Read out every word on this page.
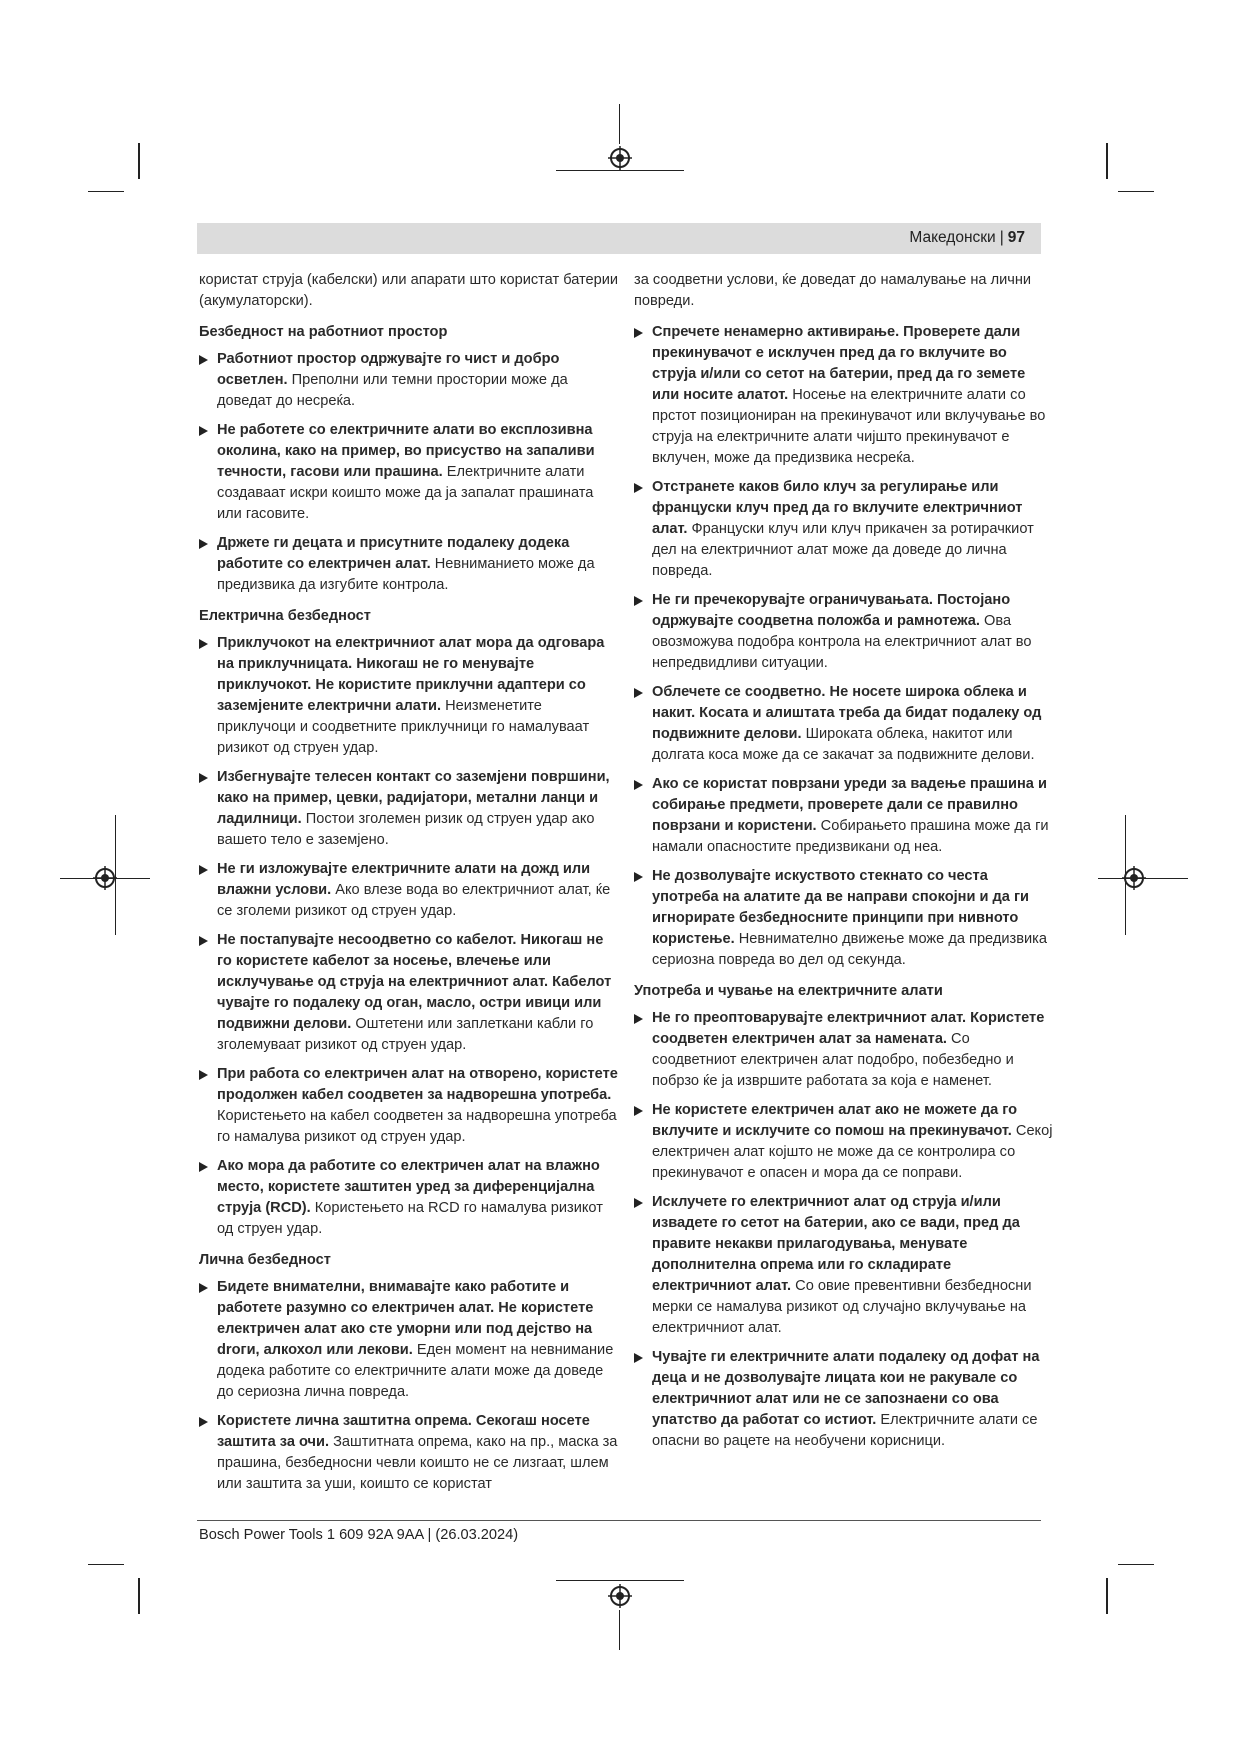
Македонски | 97
користат струја (кабелски) или апарати што користат батерии (акумулаторски).
Безбедност на работниот простор
Работниот простор одржувајте го чист и добро осветлен. Преполни или темни простории може да доведат до несреќа.
Не работете со електричните алати во експлозивна околина, како на пример, во присуство на запаливи течности, гасови или прашина. Електричните алати создаваат искри коишто може да ја запалат прашината или гасовите.
Држете ги децата и присутните подалеку додека работите со електричен алат. Невниманието може да предизвика да изгубите контрола.
Електрична безбедност
Приклучокот на електричниот алат мора да одговара на приклучницата. Никогаш не го менувајте приклучокот. Не користите приклучни адаптери со заземјените електрични алати. Неизменетите приклучоци и соодветните приклучници го намалуваат ризикот од струен удар.
Избегнувајте телесен контакт со заземјени површини, како на пример, цевки, радијатори, метални ланци и ладилници. Постои зголемен ризик од струен удар ако вашето тело е заземјено.
Не ги изложувајте електричните алати на дожд или влажни услови. Ако влезе вода во електричниот алат, ќе се зголеми ризикот од струен удар.
Не постапувајте несоодветно со кабелот. Никогаш не го користете кабелот за носење, влечење или исклучување од струја на електричниот алат. Кабелот чувајте го подалеку од оган, масло, остри ивици или подвижни делови. Оштетени или заплеткани кабли го зголемуваат ризикот од струен удар.
При работа со електричен алат на отворено, користете продолжен кабел соодветен за надворешна употреба. Користењето на кабел соодветен за надворешна употреба го намалува ризикот од струен удар.
Ако мора да работите со електричен алат на влажно место, користете заштитен уред за диференцијална струја (RCD). Користењето на RCD го намалува ризикот од струен удар.
Лична безбедност
Бидете внимателни, внимавајте како работите и работете разумно со електричен алат. Не користете електричен алат ако сте уморни или под дејство на droги, алкохол или лекови. Еден момент на невнимание додека работите со електричните алати може да доведе до сериозна лична повреда.
Користете лична заштитна опрема. Секогаш носете заштита за очи. Заштитната опрема, како на пр., маска за прашина, безбедносни чевли коишто не се лизгаат, шлем или заштита за уши, коишто се користат
за соодветни услови, ќе доведат до намалување на лични повреди.
Спречете ненамерно активирање. Проверете дали прекинувачот е исклучен пред да го вклучите во струја и/или со сетот на батерии, пред да го земете или носите алатот. Носење на електричните алати со прстот позициониран на прекинувачот или вклучување во струја на електричните алати чијшто прекинувачот е вклучен, може да предизвика несреќа.
Отстранете каков било клуч за регулирање или француски клуч пред да го вклучите електричниот алат. Француски клуч или клуч прикачен за ротирачкиот дел на електричниот алат може да доведе до лична повреда.
Не ги пречекорувајте ограничувањата. Постојано одржувајте соодветна положба и рамнотежа. Ова овозможува подобра контрола на електричниот алат во непредвидливи ситуации.
Облечете се соодветно. Не носете широка облека и накит. Косата и алиштата треба да бидат подалеку од подвижните делови. Широката облека, накитот или долгата коса може да се закачат за подвижните делови.
Ако се користат поврзани уреди за вадење прашина и собирање предмети, проверете дали се правилно поврзани и користени. Собирањето прашина може да ги намали опасностите предизвикани од неа.
Не дозволувајте искуството стекнато со честа употреба на алатите да ве направи спокојни и да ги игнорирате безбедносните принципи при нивното користење. Невнимателно движење може да предизвика сериозна повреда во дел од секунда.
Употреба и чување на електричните алати
Не го преоптоварувајте електричниот алат. Користете соодветен електричен алат за намената. Со соодветниот електричен алат подобро, побезбедно и побрзо ќе ја извршите работата за која е наменет.
Не користете електричен алат ако не можете да го вклучите и исклучите со помош на прекинувачот. Секој електричен алат којшто не може да се контролира со прекинувачот е опасен и мора да се поправи.
Исклучете го електричниот алат од струја и/или извадете го сетот на батерии, ако се вади, пред да правите некакви прилагодувања, менувате дополнителна опрема или го складирате електричниот алат. Со овие превентивни безбедносни мерки се намалува ризикот од случајно вклучување на електричниот алат.
Чувајте ги електричните алати подалеку од дофат на деца и не дозволувајте лицата кои не ракувале со електричниот алат или не се запознаени со ова упатство да работат со истиот. Електричните алати се опасни во рацете на необучени корисници.
Bosch Power Tools 1 609 92A 9AA | (26.03.2024)
